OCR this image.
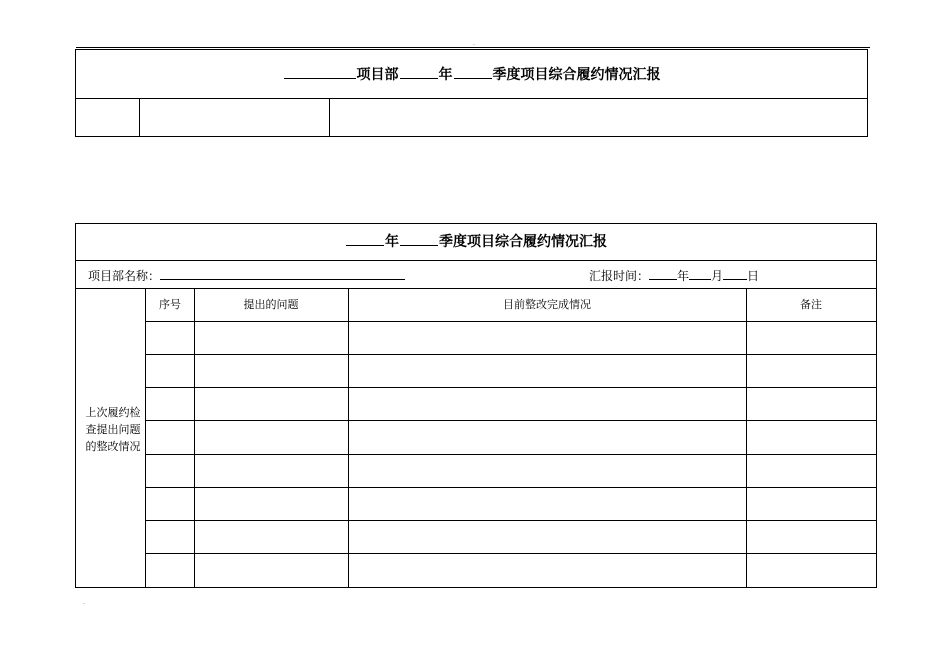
.
.
项目部	年	季度项目综合履约情况汇报
年	季度项目综合履约情况汇报
项目部名称：	汇报时间： 年 月 日
上次履约检查提出问题的整改情况
序号	提出的问题	目前整改完成情况	备注
